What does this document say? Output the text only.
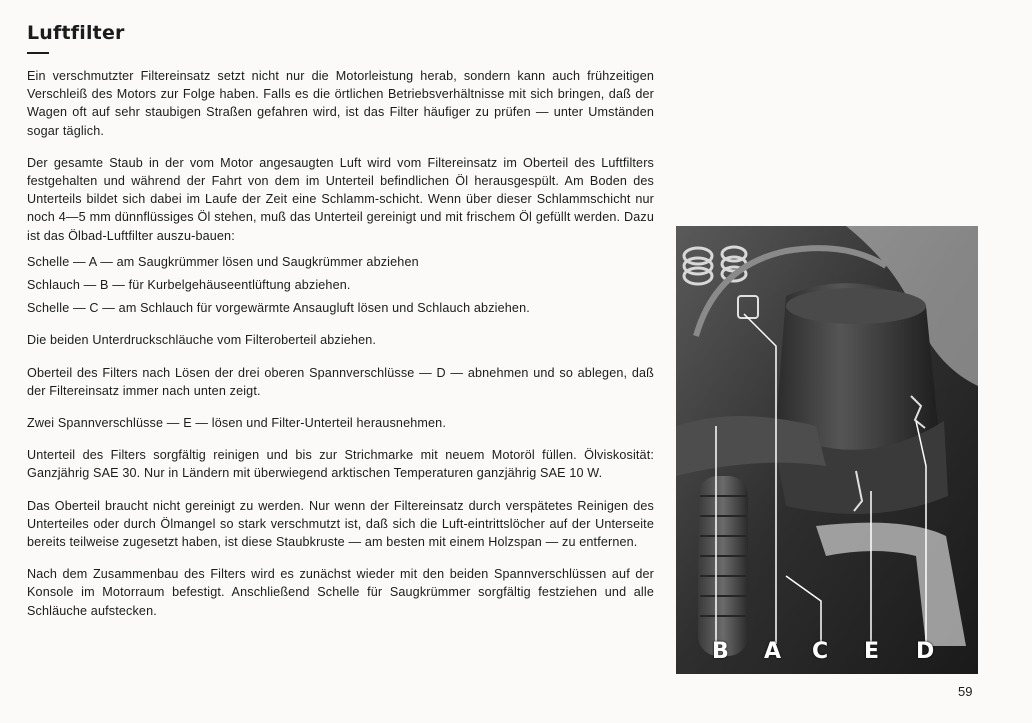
Luftfilter

Ein verschmutzter Filtereinsatz setzt nicht nur die Motorleistung herab, sondern kann auch frühzeitigen Verschleiß des Motors zur Folge haben. Falls es die örtlichen Betriebsverhältnisse mit sich bringen, daß der Wagen oft auf sehr staubigen Straßen gefahren wird, ist das Filter häufiger zu prüfen — unter Umständen sogar täglich.

Der gesamte Staub in der vom Motor angesaugten Luft wird vom Filtereinsatz im Oberteil des Luftfilters festgehalten und während der Fahrt von dem im Unterteil befindlichen Öl herausgespült. Am Boden des Unterteils bildet sich dabei im Laufe der Zeit eine Schlamm-schicht. Wenn über dieser Schlammschicht nur noch 4—5 mm dünnflüssiges Öl stehen, muß das Unterteil gereinigt und mit frischem Öl gefüllt werden. Dazu ist das Ölbad-Luftfilter auszu-bauen:

Schelle — A — am Saugkrümmer lösen und Saugkrümmer abziehen

Schlauch — B — für Kurbelgehäuseentlüftung abziehen.

Schelle — C — am Schlauch für vorgewärmte Ansaugluft lösen und Schlauch abziehen.

Die beiden Unterdruckschläuche vom Filteroberteil abziehen.

Oberteil des Filters nach Lösen der drei oberen Spannverschlüsse — D — abnehmen und so ablegen, daß der Filtereinsatz immer nach unten zeigt.

Zwei Spannverschlüsse — E — lösen und Filter-Unterteil herausnehmen.

Unterteil des Filters sorgfältig reinigen und bis zur Strichmarke mit neuem Motoröl füllen. Ölviskosität: Ganzjährig SAE 30. Nur in Ländern mit überwiegend arktischen Temperaturen ganzjährig SAE 10 W.

Das Oberteil braucht nicht gereinigt zu werden. Nur wenn der Filtereinsatz durch verspätetes Reinigen des Unterteiles oder durch Ölmangel so stark verschmutzt ist, daß sich die Luft-eintrittslöcher auf der Unterseite bereits teilweise zugesetzt haben, ist diese Staubkruste — am besten mit einem Holzspan — zu entfernen.

Nach dem Zusammenbau des Filters wird es zunächst wieder mit den beiden Spannverschlüssen auf der Konsole im Motorraum befestigt. Anschließend Schelle für Saugkrümmer sorgfältig festziehen und alle Schläuche aufstecken.

B A C E D
59
